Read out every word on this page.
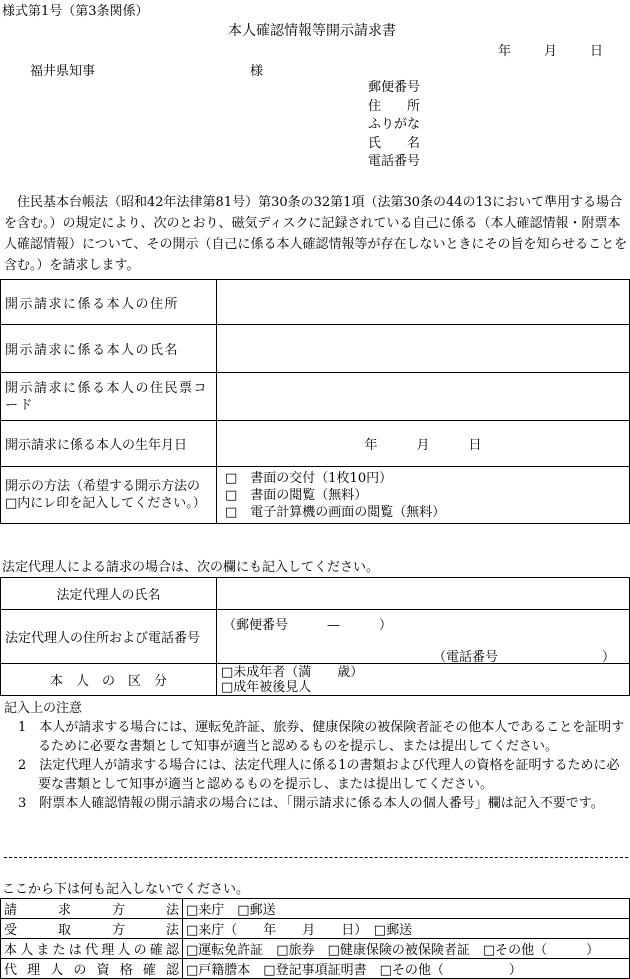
様式第1号（第3条関係）
本人確認情報等開示請求書
年	月	日
福井県知事	様
郵便番号
住　　所
ふりがな
氏　　名
電話番号
住民基本台帳法（昭和42年法律第81号）第30条の32第1項（法第30条の44の13において準用する場合を含む。）の規定により、次のとおり、磁気ディスクに記録されている自己に係る（本人確認情報・附票本人確認情報）について、その開示（自己に係る本人確認情報等が存在しないときにその旨を知らせることを含む。）を請求します。
開示請求に係る本人の住所	
開示請求に係る本人の氏名	
開示請求に係る本人の住民票コード	
開示請求に係る本人の生年月日	年　　　月　　　日
開示の方法（希望する開示方法の□内にレ印を記入してください。）	□　書面の交付（1枚10円）
□　書面の閲覧（無料）
□　電子計算機の画面の閲覧（無料）
法定代理人による請求の場合は、次の欄にも記入してください。
法定代理人の氏名	
法定代理人の住所および電話番号	（郵便番号　　　—　　　）
（電話番号　　　　　　　　）

本　人　の　区　分	□未成年者（満　　歳）
□成年被後見人
記入上の注意
1　本人が請求する場合には、運転免許証、旅券、健康保険の被保険者証その他本人であることを証明するために必要な書類として知事が適当と認めるものを提示し、または提出してください。
2　法定代理人が請求する場合には、法定代理人に係る1の書類および代理人の資格を証明するために必要な書類として知事が適当と認めるものを提示し、または提出してください。
3　附票本人確認情報の開示請求の場合には、「開示請求に係る本人の個人番号」欄は記入不要です。
ここから下は何も記入しないでください。
請求方法	□来庁　□郵送
受取方法	□来庁（　　年　　月　　日）　□郵送
本人または代理人の確認	□運転免許証　□旅券　□健康保険の被保険者証　□その他（　　　）
代理人の資格確認	□戸籍謄本　□登記事項証明書　□その他（　　　　　）
